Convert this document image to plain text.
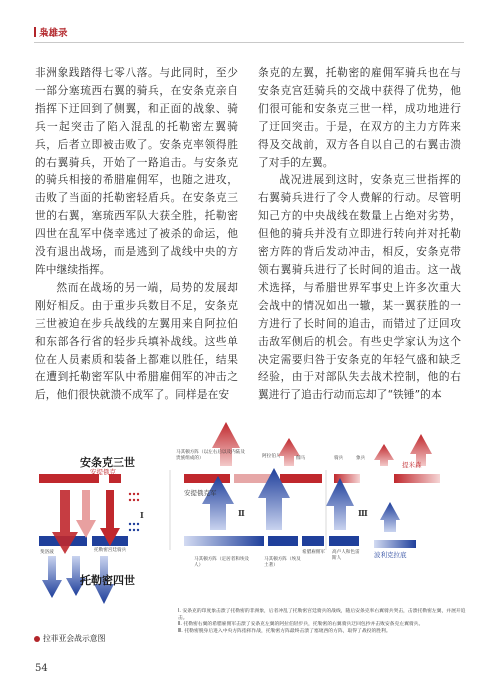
枭雄录

非洲象践踏得七零八落。与此同时，至少一部分塞琉西右翼的骑兵，在安条克亲自指挥下迂回到了侧翼，和正面的战象、骑兵一起突击了陷入混乱的托勒密左翼骑兵，后者立即被击败了。安条克率领得胜的右翼骑兵，开始了一路追击。与安条克的骑兵相接的希腊雇佣军，也随之进攻，击败了当面的托勒密轻盾兵。在安条克三世的右翼，塞琉西军队大获全胜，托勒密四世在乱军中侥幸逃过了被杀的命运，他没有退出战场，而是逃到了战线中央的方阵中继续指挥。

然而在战场的另一端，局势的发展却刚好相反。由于重步兵数目不足，安条克三世被迫在步兵战线的左翼用来自阿拉伯和东部各行省的轻步兵填补战线。这些单位在人员素质和装备上都难以胜任，结果在遭到托勒密军队中希腊雇佣军的冲击之后，他们很快就溃不成军了。同样是在安

条克的左翼，托勒密的雇佣军骑兵也在与安条克宫廷骑兵的交战中获得了优势，他们很可能和安条克三世一样，成功地进行了迂回突击。于是，在双方的主力方阵来得及交战前，双方各自以自己的右翼击溃了对手的左翼。

战况进展到这时，安条克三世指挥的右翼骑兵进行了令人费解的行动。尽管明知己方的中央战线在数量上占绝对劣势，但他的骑兵并没有立即进行转向并对托勒密方阵的背后发动冲击，相反，安条克带领右翼骑兵进行了长时间的追击。这一战术选择，与希腊世界军事史上许多次重大会战中的情况如出一辙，某一翼获胜的一方进行了长时间的追击，而错过了迂回攻击敌军侧后的机会。有些史学家认为这个决定需要归咎于安条克的年轻气盛和缺乏经验，由于对部队失去战术控制，他的右翼进行了追击行动而忘却了“铁锤”的本

安条克三世
安提俄克
托勒密四世
马其顿方阵（以左右后以及内陆及贵族组成的）	阿拉伯人	伽马	骑兵	象兵
提米森
安提俄克军
斐洛波	托勒密宫廷骑兵
马其顿方阵（定居者和埃及人）
马其顿方阵（埃及土著）
希腊雇佣军	高卢人和色雷斯人	波利克拉底
Ⅰ	Ⅱ	Ⅲ
Ⅰ. 安条克的印度象击溃了托勒密的非洲象，后者冲乱了托勒密宫廷骑兵的战线，随后安条克率右翼骑兵突击，击溃托勒密左翼，并展开追击。
Ⅱ. 托勒密右翼的希腊雇佣军击溃了安条克左翼的阿拉伯轻步兵，托勒密的右翼骑兵迂回包抄并击败安条克左翼骑兵。
Ⅲ. 托勒密脱身后进入中央方阵指挥作战，托勒密方阵最终击溃了塞琉西的方阵，取得了战役的胜利。
拉菲亚会战示意图
54
